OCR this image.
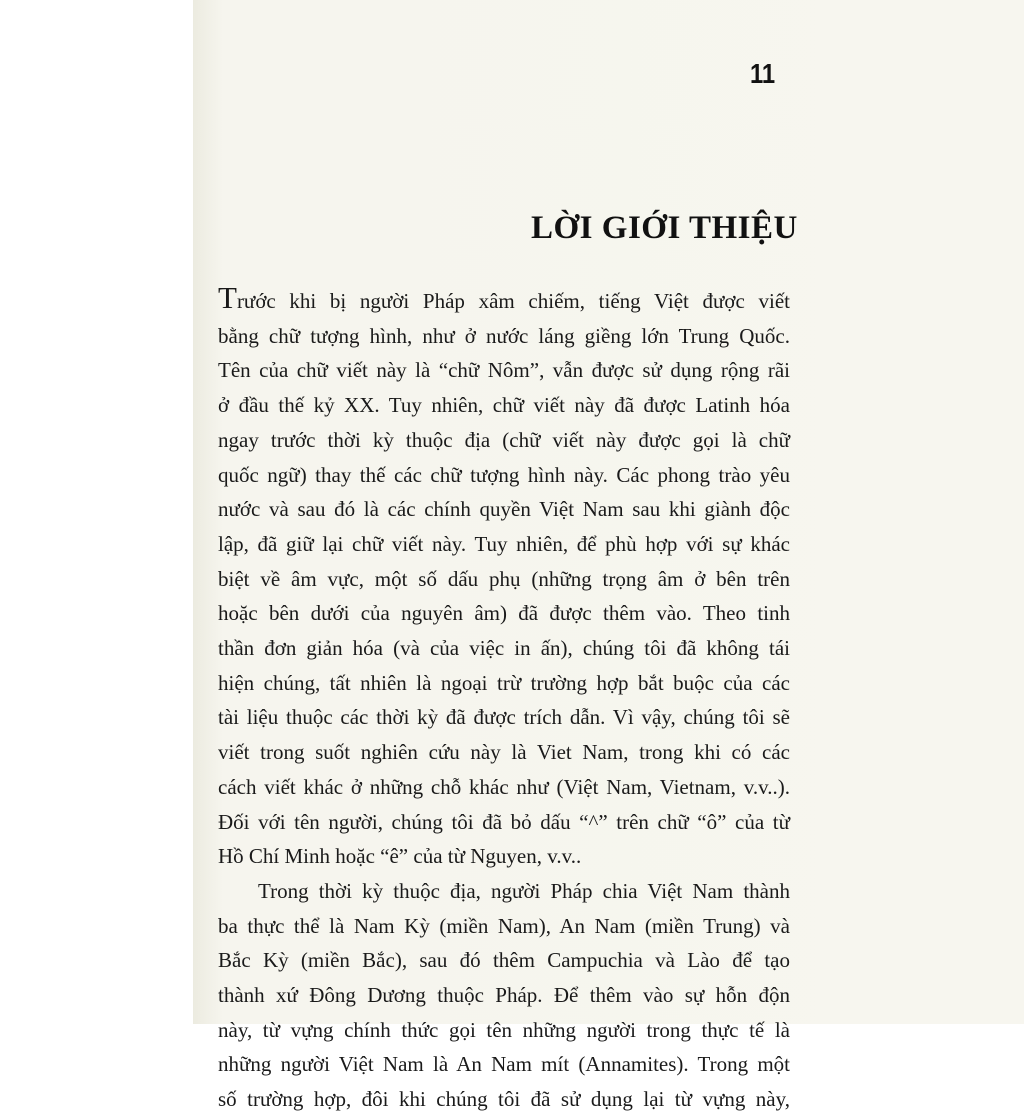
11
LỜI GIỚI THIỆU

Trước khi bị người Pháp xâm chiếm, tiếng Việt được viết

bằng chữ tượng hình, như ở nước láng giềng lớn Trung Quốc.

Tên của chữ viết này là “chữ Nôm”, vẫn được sử dụng rộng rãi

ở đầu thế kỷ XX. Tuy nhiên, chữ viết này đã được Latinh hóa

ngay trước thời kỳ thuộc địa (chữ viết này được gọi là chữ

quốc ngữ) thay thế các chữ tượng hình này. Các phong trào yêu

nước và sau đó là các chính quyền Việt Nam sau khi giành độc

lập, đã giữ lại chữ viết này. Tuy nhiên, để phù hợp với sự khác

biệt về âm vực, một số dấu phụ (những trọng âm ở bên trên

hoặc bên dưới của nguyên âm) đã được thêm vào. Theo tinh

thần đơn giản hóa (và của việc in ấn), chúng tôi đã không tái

hiện chúng, tất nhiên là ngoại trừ trường hợp bắt buộc của các

tài liệu thuộc các thời kỳ đã được trích dẫn. Vì vậy, chúng tôi sẽ

viết trong suốt nghiên cứu này là Viet Nam, trong khi có các

cách viết khác ở những chỗ khác như (Việt Nam, Vietnam, v.v..).

Đối với tên người, chúng tôi đã bỏ dấu “^” trên chữ “ô” của từ

Hồ Chí Minh hoặc “ê” của từ Nguyen, v.v..

Trong thời kỳ thuộc địa, người Pháp chia Việt Nam thành

ba thực thể là Nam Kỳ (miền Nam), An Nam (miền Trung) và

Bắc Kỳ (miền Bắc), sau đó thêm Campuchia và Lào để tạo

thành xứ Đông Dương thuộc Pháp. Để thêm vào sự hỗn độn

này, từ vựng chính thức gọi tên những người trong thực tế là

những người Việt Nam là An Nam mít (Annamites). Trong một

số trường hợp, đôi khi chúng tôi đã sử dụng lại từ vựng này,
